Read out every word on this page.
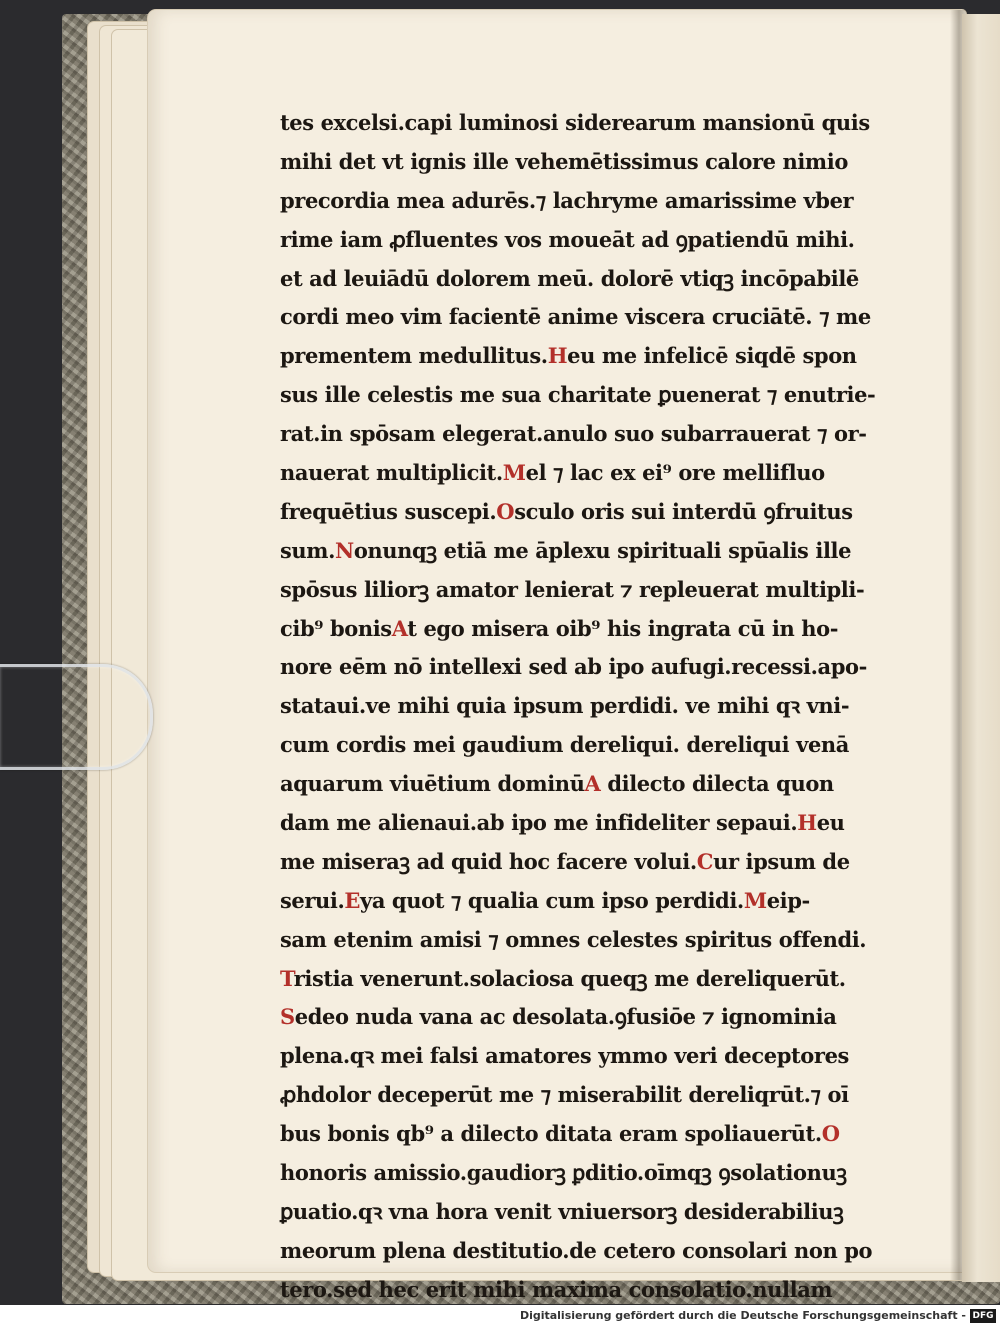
tes excelsi.capi luminosi siderearum mansionū quis
mihi det vt ignis ille vehemētissimus calore nimio
precordia mea adurēs.⁊ lachryme amarissime vber
rime iam ꝓfluentes vos moueāt ad ꝯpatiendū mihi.
et ad leuiādū dolorem meū. dolorē vtiqꝫ incōpabilē
cordi meo vim facientē anime viscera cruciātē. ⁊ me
prementem medullitus.Heu me infelicē siqdē spon
sus ille celestis me sua charitate ꝑuenerat ⁊ enutrie-
rat.in spōsam elegerat.anulo suo subarrauerat ⁊ or-
nauerat multiplicit.Mel ⁊ lac ex ei⁹ ore mellifluo
frequētius suscepi.Osculo oris sui interdū ꝯfruitus
sum.Nonunqꝫ etiā me āplexu spirituali spūalis ille
spōsus liliorꝫ amator lenierat ⁊ repleuerat multipli-
cib⁹ bonisAt ego misera oib⁹ his ingrata cū in ho-
nore eēm nō intellexi sed ab ipo aufugi.recessi.apo-
stataui.ve mihi quia ipsum perdidi. ve mihi qꝛ vni-
cum cordis mei gaudium dereliqui. dereliqui venā
aquarum viuētium dominūA dilecto dilecta quon
dam me alienaui.ab ipo me infideliter sepaui.Heu
me miseraꝫ ad quid hoc facere volui.Cur ipsum de
serui.Eya quot ⁊ qualia cum ipso perdidi.Meip-
sam etenim amisi ⁊ omnes celestes spiritus offendi.
Tristia venerunt.solaciosa queqꝫ me dereliquerūt.
Sedeo nuda vana ac desolata.ꝯfusiōe ⁊ ignominia
plena.qꝛ mei falsi amatores ymmo veri deceptores
ꝓhdolor deceperūt me ⁊ miserabilit dereliqrūt.⁊ oī
bus bonis qb⁹ a dilecto ditata eram spoliauerūt.O
honoris amissio.gaudiorꝫ ꝑditio.oīmqꝫ ꝯsolationuꝫ
ꝑuatio.qꝛ vna hora venit vniuersorꝫ desiderabiliuꝫ
meorum plena destitutio.de cetero consolari non po
tero.sed hec erit mihi maxima consolatio.nullam
Digitalisierung gefördert durch die Deutsche Forschungsgemeinschaft - DFG
